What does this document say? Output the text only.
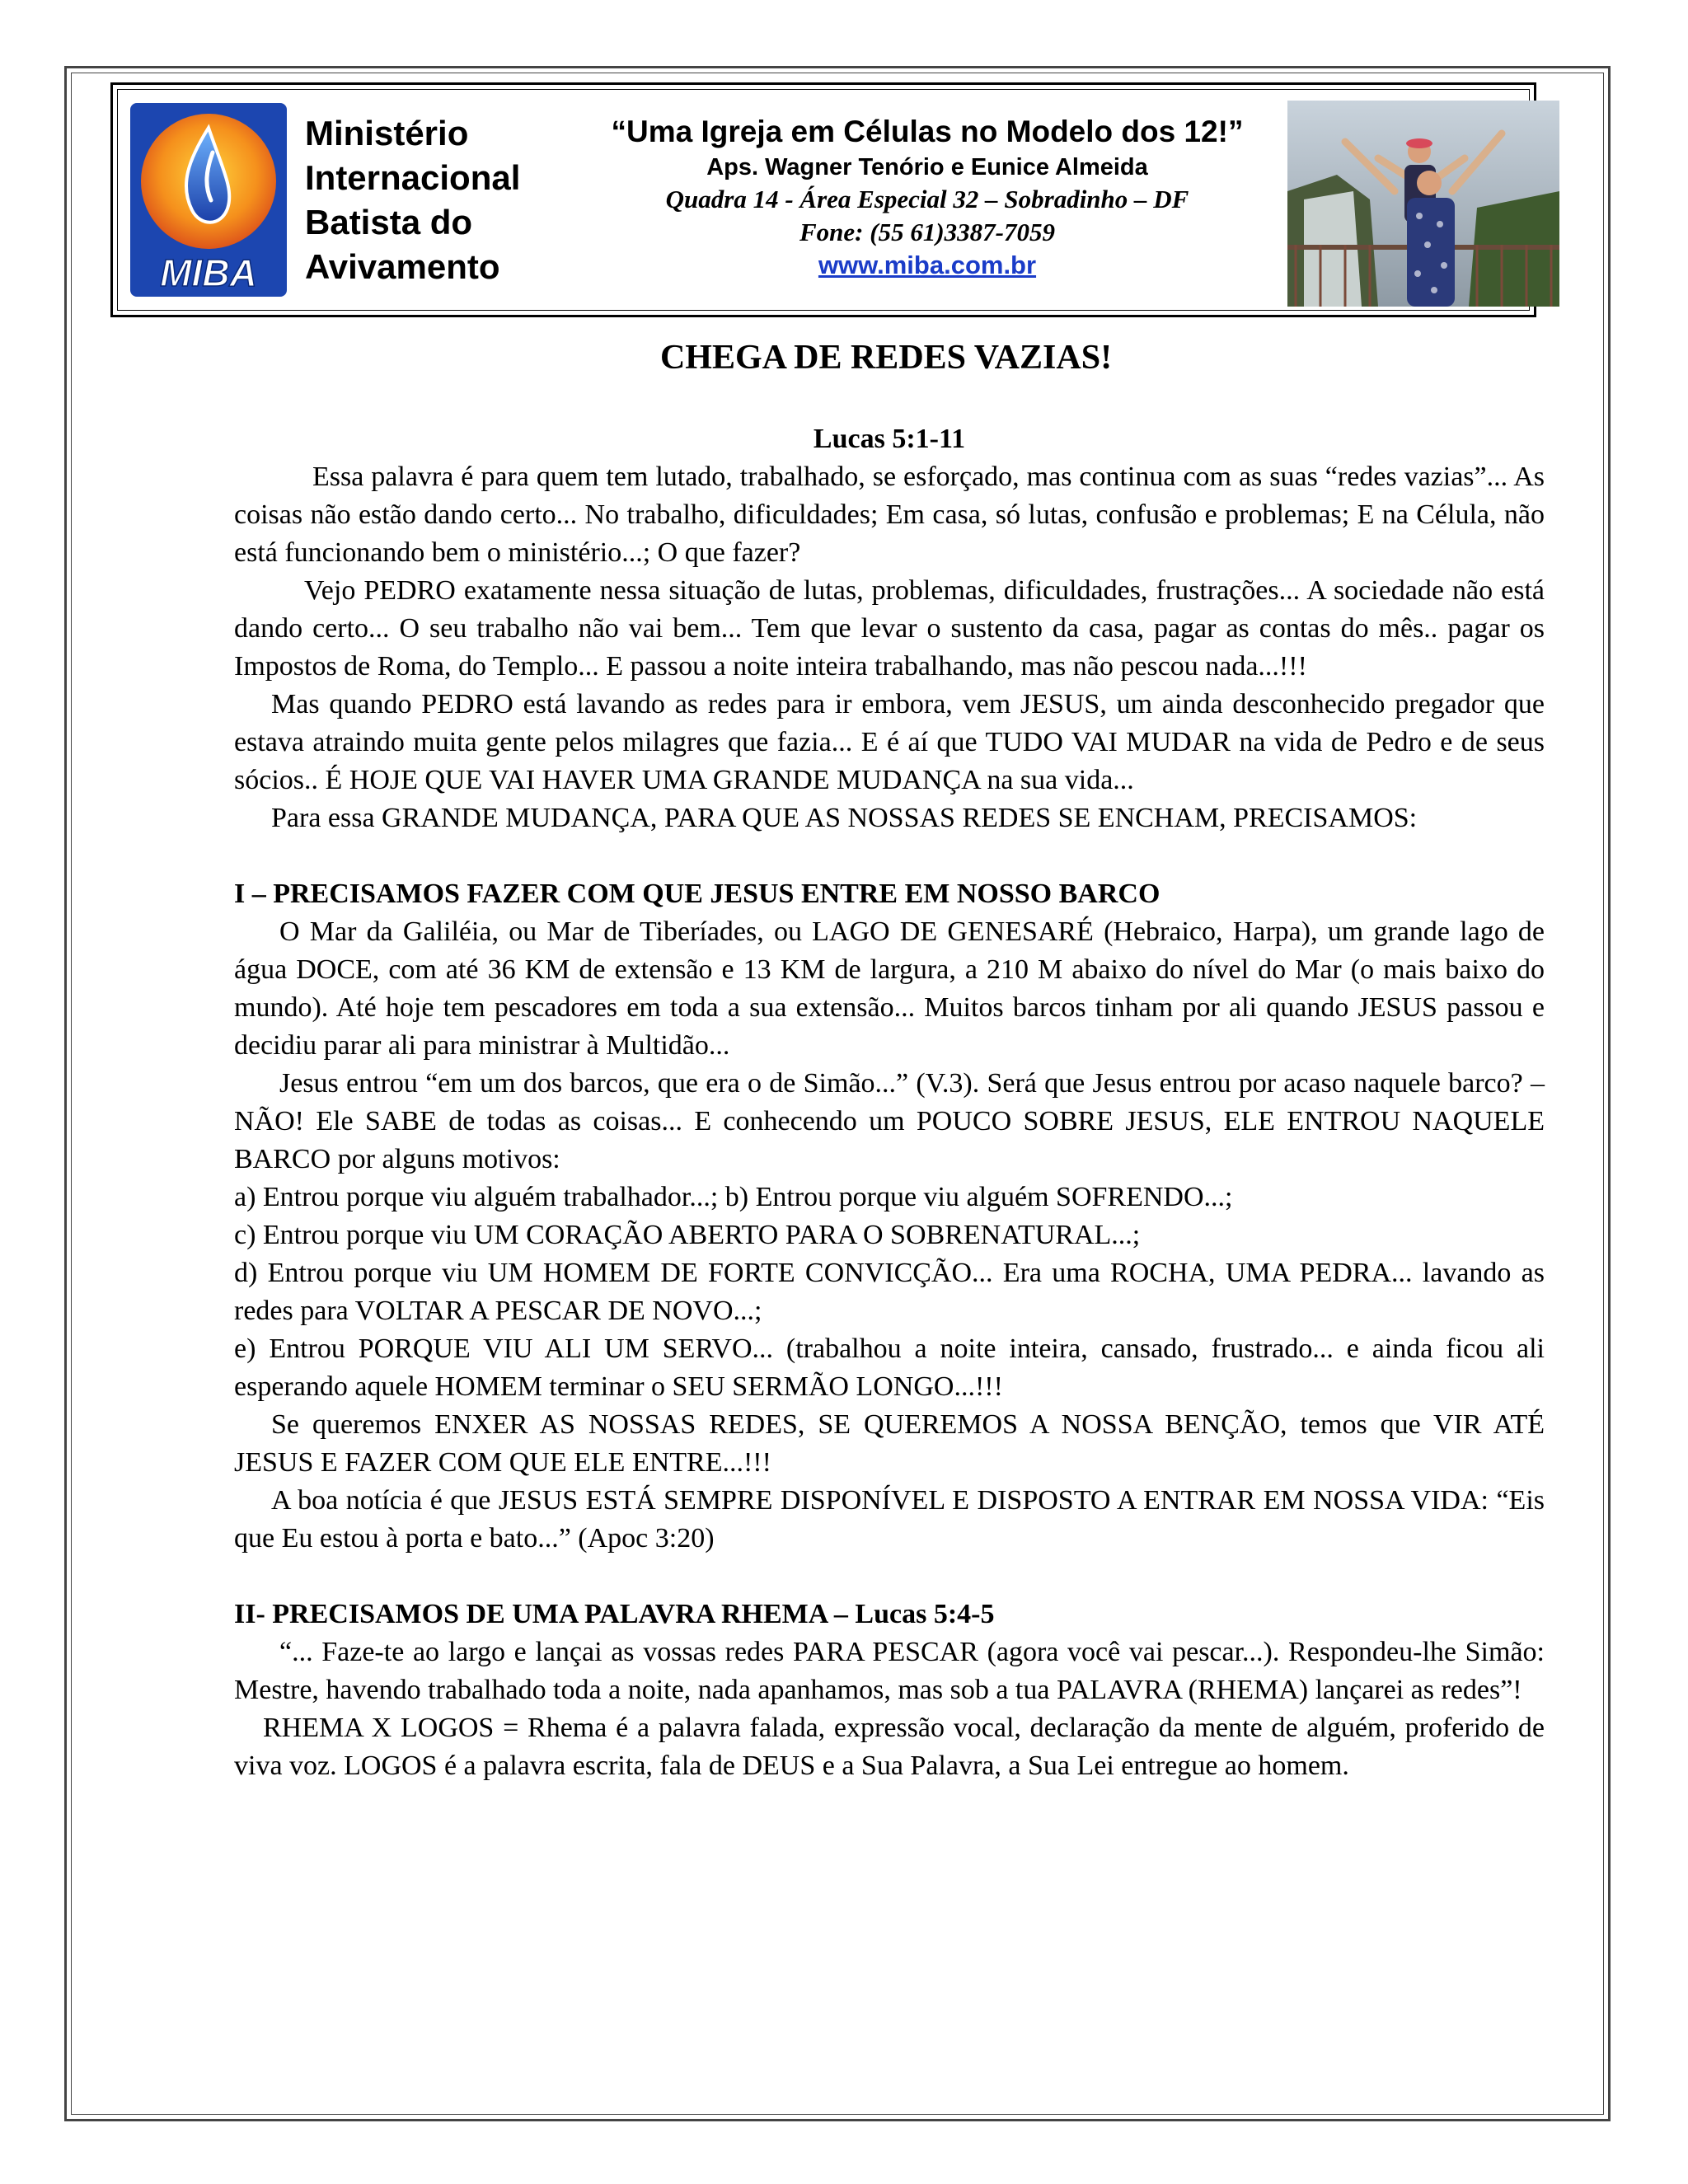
MIBA
Ministério
Internacional
Batista do
Avivamento
“Uma Igreja em Células no Modelo dos 12!”
Aps. Wagner Tenório e Eunice Almeida
Quadra 14 - Área Especial 32 – Sobradinho – DF
Fone: (55 61)3387-7059
www.miba.com.br
CHEGA DE REDES VAZIAS!

Lucas 5:1-11

Essa palavra é para quem tem lutado, trabalhado, se esforçado, mas continua com as suas “redes vazias”... As coisas não estão dando certo... No trabalho, dificuldades; Em casa, só lutas, confusão e problemas; E na Célula, não está funcionando bem o ministério...; O que fazer?

Vejo PEDRO exatamente nessa situação de lutas, problemas, dificuldades, frustrações... A sociedade não está dando certo... O seu trabalho não vai bem... Tem que levar o sustento da casa, pagar as contas do mês.. pagar os Impostos de Roma, do Templo... E passou a noite inteira trabalhando, mas não pescou nada...!!!

Mas quando PEDRO está lavando as redes para ir embora, vem JESUS, um ainda desconhecido pregador que estava atraindo muita gente pelos milagres que fazia... E é aí que TUDO VAI MUDAR na vida de Pedro e de seus sócios.. É HOJE QUE VAI HAVER UMA GRANDE MUDANÇA na sua vida...

Para essa GRANDE MUDANÇA, PARA QUE AS NOSSAS REDES SE ENCHAM, PRECISAMOS:

I – PRECISAMOS FAZER COM QUE JESUS ENTRE EM NOSSO BARCO

O Mar da Galiléia, ou Mar de Tiberíades, ou LAGO DE GENESARÉ (Hebraico, Harpa), um grande lago de água DOCE, com até 36 KM de extensão e 13 KM de largura, a 210 M abaixo do nível do Mar (o mais baixo do mundo). Até hoje tem pescadores em toda a sua extensão... Muitos barcos tinham por ali quando JESUS passou e decidiu parar ali para ministrar à Multidão...

Jesus entrou “em um dos barcos, que era o de Simão...” (V.3). Será que Jesus entrou por acaso naquele barco? – NÃO! Ele SABE de todas as coisas... E conhecendo um POUCO SOBRE JESUS, ELE ENTROU NAQUELE BARCO por alguns motivos:

a) Entrou porque viu alguém trabalhador...; b) Entrou porque viu alguém SOFRENDO...;

c) Entrou porque viu UM CORAÇÃO ABERTO PARA O SOBRENATURAL...;

d) Entrou porque viu UM HOMEM DE FORTE CONVICÇÃO... Era uma ROCHA, UMA PEDRA... lavando as redes para VOLTAR A PESCAR DE NOVO...;

e) Entrou PORQUE VIU ALI UM SERVO... (trabalhou a noite inteira, cansado, frustrado... e ainda ficou ali esperando aquele HOMEM terminar o SEU SERMÃO LONGO...!!!

Se queremos ENXER AS NOSSAS REDES, SE QUEREMOS A NOSSA BENÇÃO, temos que VIR ATÉ JESUS E FAZER COM QUE ELE ENTRE...!!!

A boa notícia é que JESUS ESTÁ SEMPRE DISPONÍVEL E DISPOSTO A ENTRAR EM NOSSA VIDA: “Eis que Eu estou à porta e bato...” (Apoc 3:20)

II- PRECISAMOS DE UMA PALAVRA RHEMA – Lucas 5:4-5

“... Faze-te ao largo e lançai as vossas redes PARA PESCAR (agora você vai pescar...). Respondeu-lhe Simão: Mestre, havendo trabalhado toda a noite, nada apanhamos, mas sob a tua PALAVRA (RHEMA) lançarei as redes”!

RHEMA X LOGOS = Rhema é a palavra falada, expressão vocal, declaração da mente de alguém, proferido de viva voz. LOGOS é a palavra escrita, fala de DEUS e a Sua Palavra, a Sua Lei entregue ao homem.
